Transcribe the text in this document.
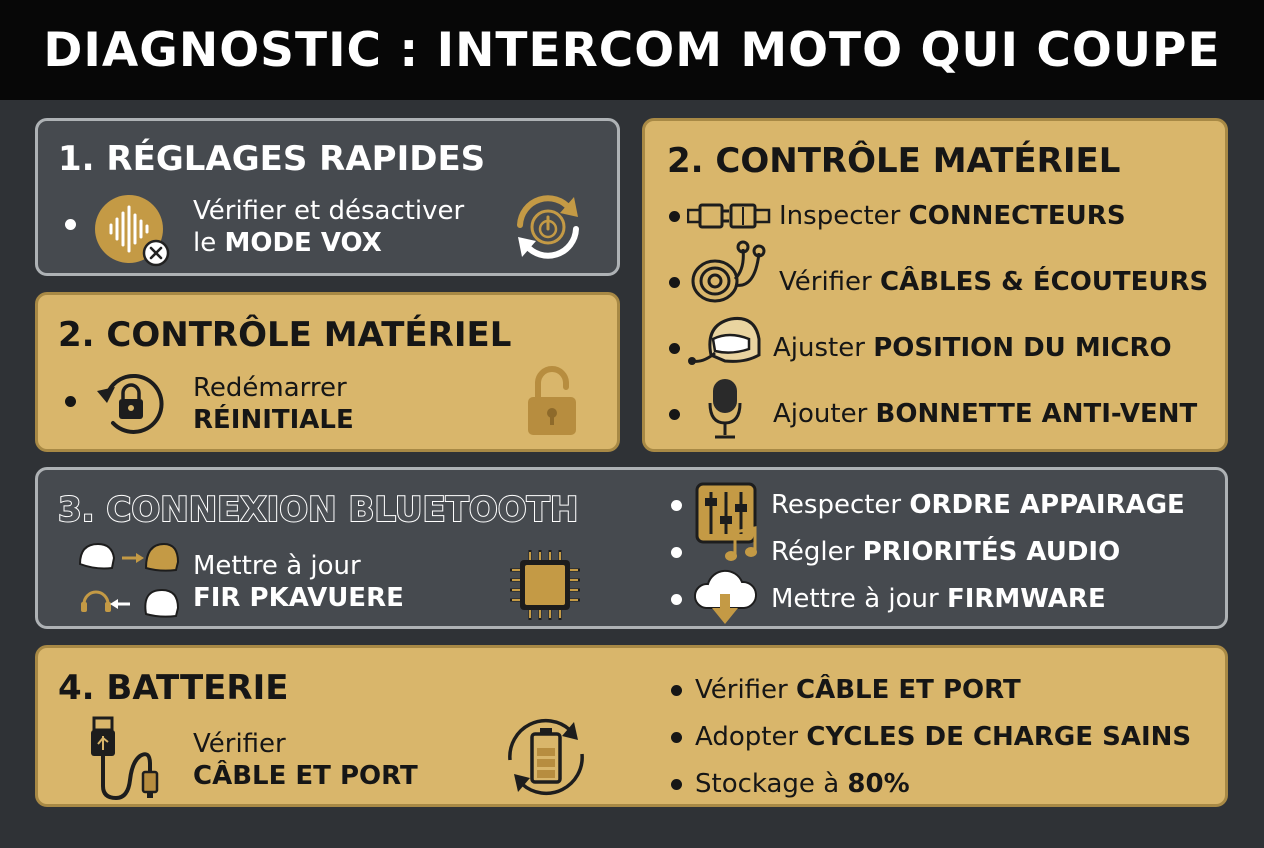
DIAGNOSTIC : INTERCOM MOTO QUI COUPE
1. RÉGLAGES RAPIDES
Vérifier et désactiver
le MODE VOX
2. CONTRÔLE MATÉRIEL
Redémarrer
RÉINITIALE
2. CONTRÔLE MATÉRIEL
Inspecter CONNECTEURS
Vérifier CÂBLES & ÉCOUTEURS
Ajuster POSITION DU MICRO
Ajouter BONNETTE ANTI-VENT
3. CONNEXION BLUETOOTH
Mettre à jour
FIR PKAVUERE
Respecter ORDRE APPAIRAGE
Régler PRIORITÉS AUDIO
Mettre à jour FIRMWARE
4. BATTERIE
Vérifier
CÂBLE ET PORT
Vérifier CÂBLE ET PORT
Adopter CYCLES DE CHARGE SAINS
Stockage à 80%
